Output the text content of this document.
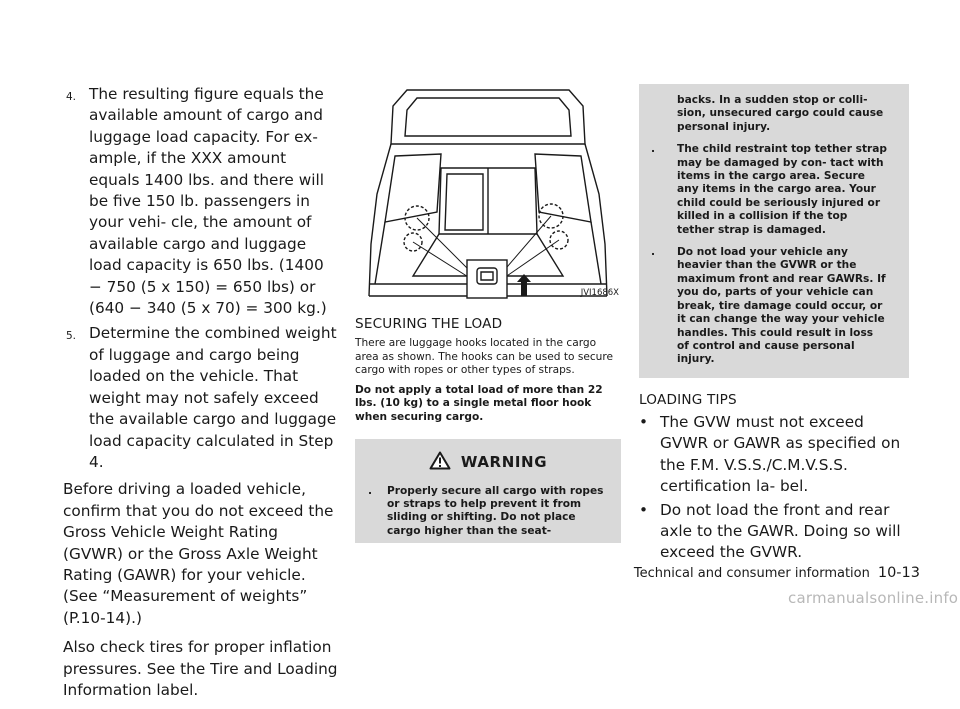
4. The resulting figure equals the available amount of cargo and luggage load capacity. For ex- ample, if the XXX amount equals 1400 lbs. and there will be five 150 lb. passengers in your vehi- cle, the amount of available cargo and luggage load capacity is 650 lbs. (1400 − 750 (5 x 150) = 650 lbs) or (640 − 340 (5 x 70) = 300 kg.)
5. Determine the combined weight of luggage and cargo being loaded on the vehicle. That weight may not safely exceed the available cargo and luggage load capacity calculated in Step 4.

Before driving a loaded vehicle, confirm that you do not exceed the Gross Vehicle Weight Rating (GVWR) or the Gross Axle Weight Rating (GAWR) for your vehicle. (See “Measurement of weights” (P.10-14).)

Also check tires for proper inflation pressures. See the Tire and Loading Information label.

JVI1686X
SECURING THE LOAD

There are luggage hooks located in the cargo area as shown. The hooks can be used to secure cargo with ropes or other types of straps.

Do not apply a total load of more than 22 lbs. (10 kg) to a single metal floor hook when securing cargo.

WARNING
. Properly secure all cargo with ropes or straps to help prevent it from sliding or shifting. Do not place cargo higher than the seat-
backs. In a sudden stop or colli- sion, unsecured cargo could cause personal injury.
. The child restraint top tether strap may be damaged by con- tact with items in the cargo area. Secure any items in the cargo area. Your child could be seriously injured or killed in a collision if the top tether strap is damaged.
. Do not load your vehicle any heavier than the GVWR or the maximum front and rear GAWRs. If you do, parts of your vehicle can break, tire damage could occur, or it can change the way your vehicle handles. This could result in loss of control and cause personal injury.
LOADING TIPS
• The GVW must not exceed GVWR or GAWR as specified on the F.M. V.S.S./C.M.V.S.S. certification la- bel.
• Do not load the front and rear axle to the GAWR. Doing so will exceed the GVWR.
Technical and consumer information 10-13
carmanualsonline.info
